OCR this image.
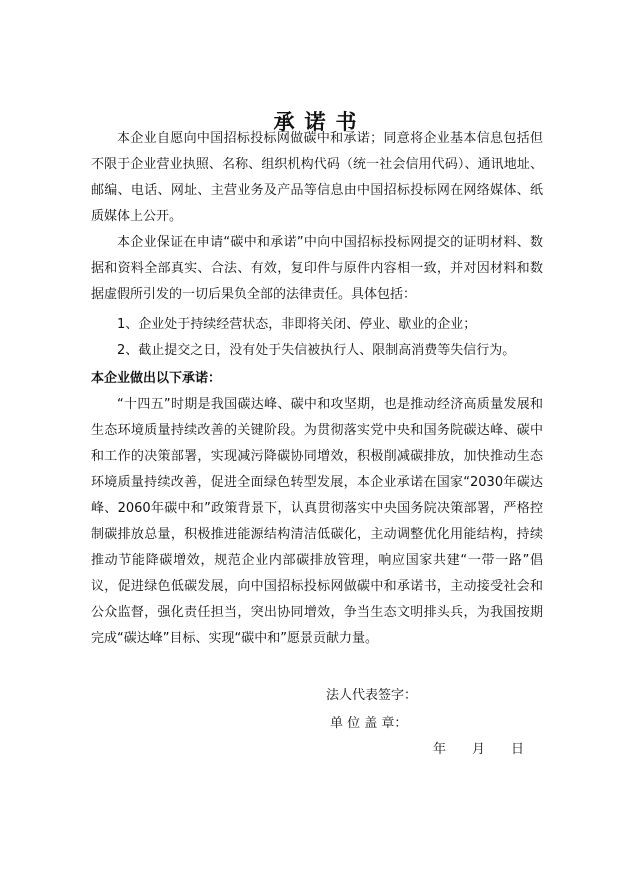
承诺书

本企业自愿向中国招标投标网做碳中和承诺；同意将企业基本信息包括但不限于企业营业执照、名称、组织机构代码（统一社会信用代码）、通讯地址、邮编、电话、网址、主营业务及产品等信息由中国招标投标网在网络媒体、纸质媒体上公开。

本企业保证在申请“碳中和承诺”中向中国招标投标网提交的证明材料、数据和资料全部真实、合法、有效，复印件与原件内容相一致，并对因材料和数据虚假所引发的一切后果负全部的法律责任。具体包括：

1、企业处于持续经营状态，非即将关闭、停业、歇业的企业；

2、截止提交之日，没有处于失信被执行人、限制高消费等失信行为。

本企业做出以下承诺：

“十四五”时期是我国碳达峰、碳中和攻坚期，也是推动经济高质量发展和生态环境质量持续改善的关键阶段。为贯彻落实党中央和国务院碳达峰、碳中和工作的决策部署，实现减污降碳协同增效，积极削减碳排放，加快推动生态环境质量持续改善，促进全面绿色转型发展，本企业承诺在国家“2030年碳达峰、2060年碳中和”政策背景下，认真贯彻落实中央国务院决策部署，严格控制碳排放总量，积极推进能源结构清洁低碳化，主动调整优化用能结构，持续推动节能降碳增效，规范企业内部碳排放管理，响应国家共建“一带一路”倡议，促进绿色低碳发展，向中国招标投标网做碳中和承诺书，主动接受社会和公众监督，强化责任担当，突出协同增效，争当生态文明排头兵，为我国按期完成“碳达峰”目标、实现“碳中和”愿景贡献力量。

法人代表签字：

单 位 盖 章：

年　　月　　日
